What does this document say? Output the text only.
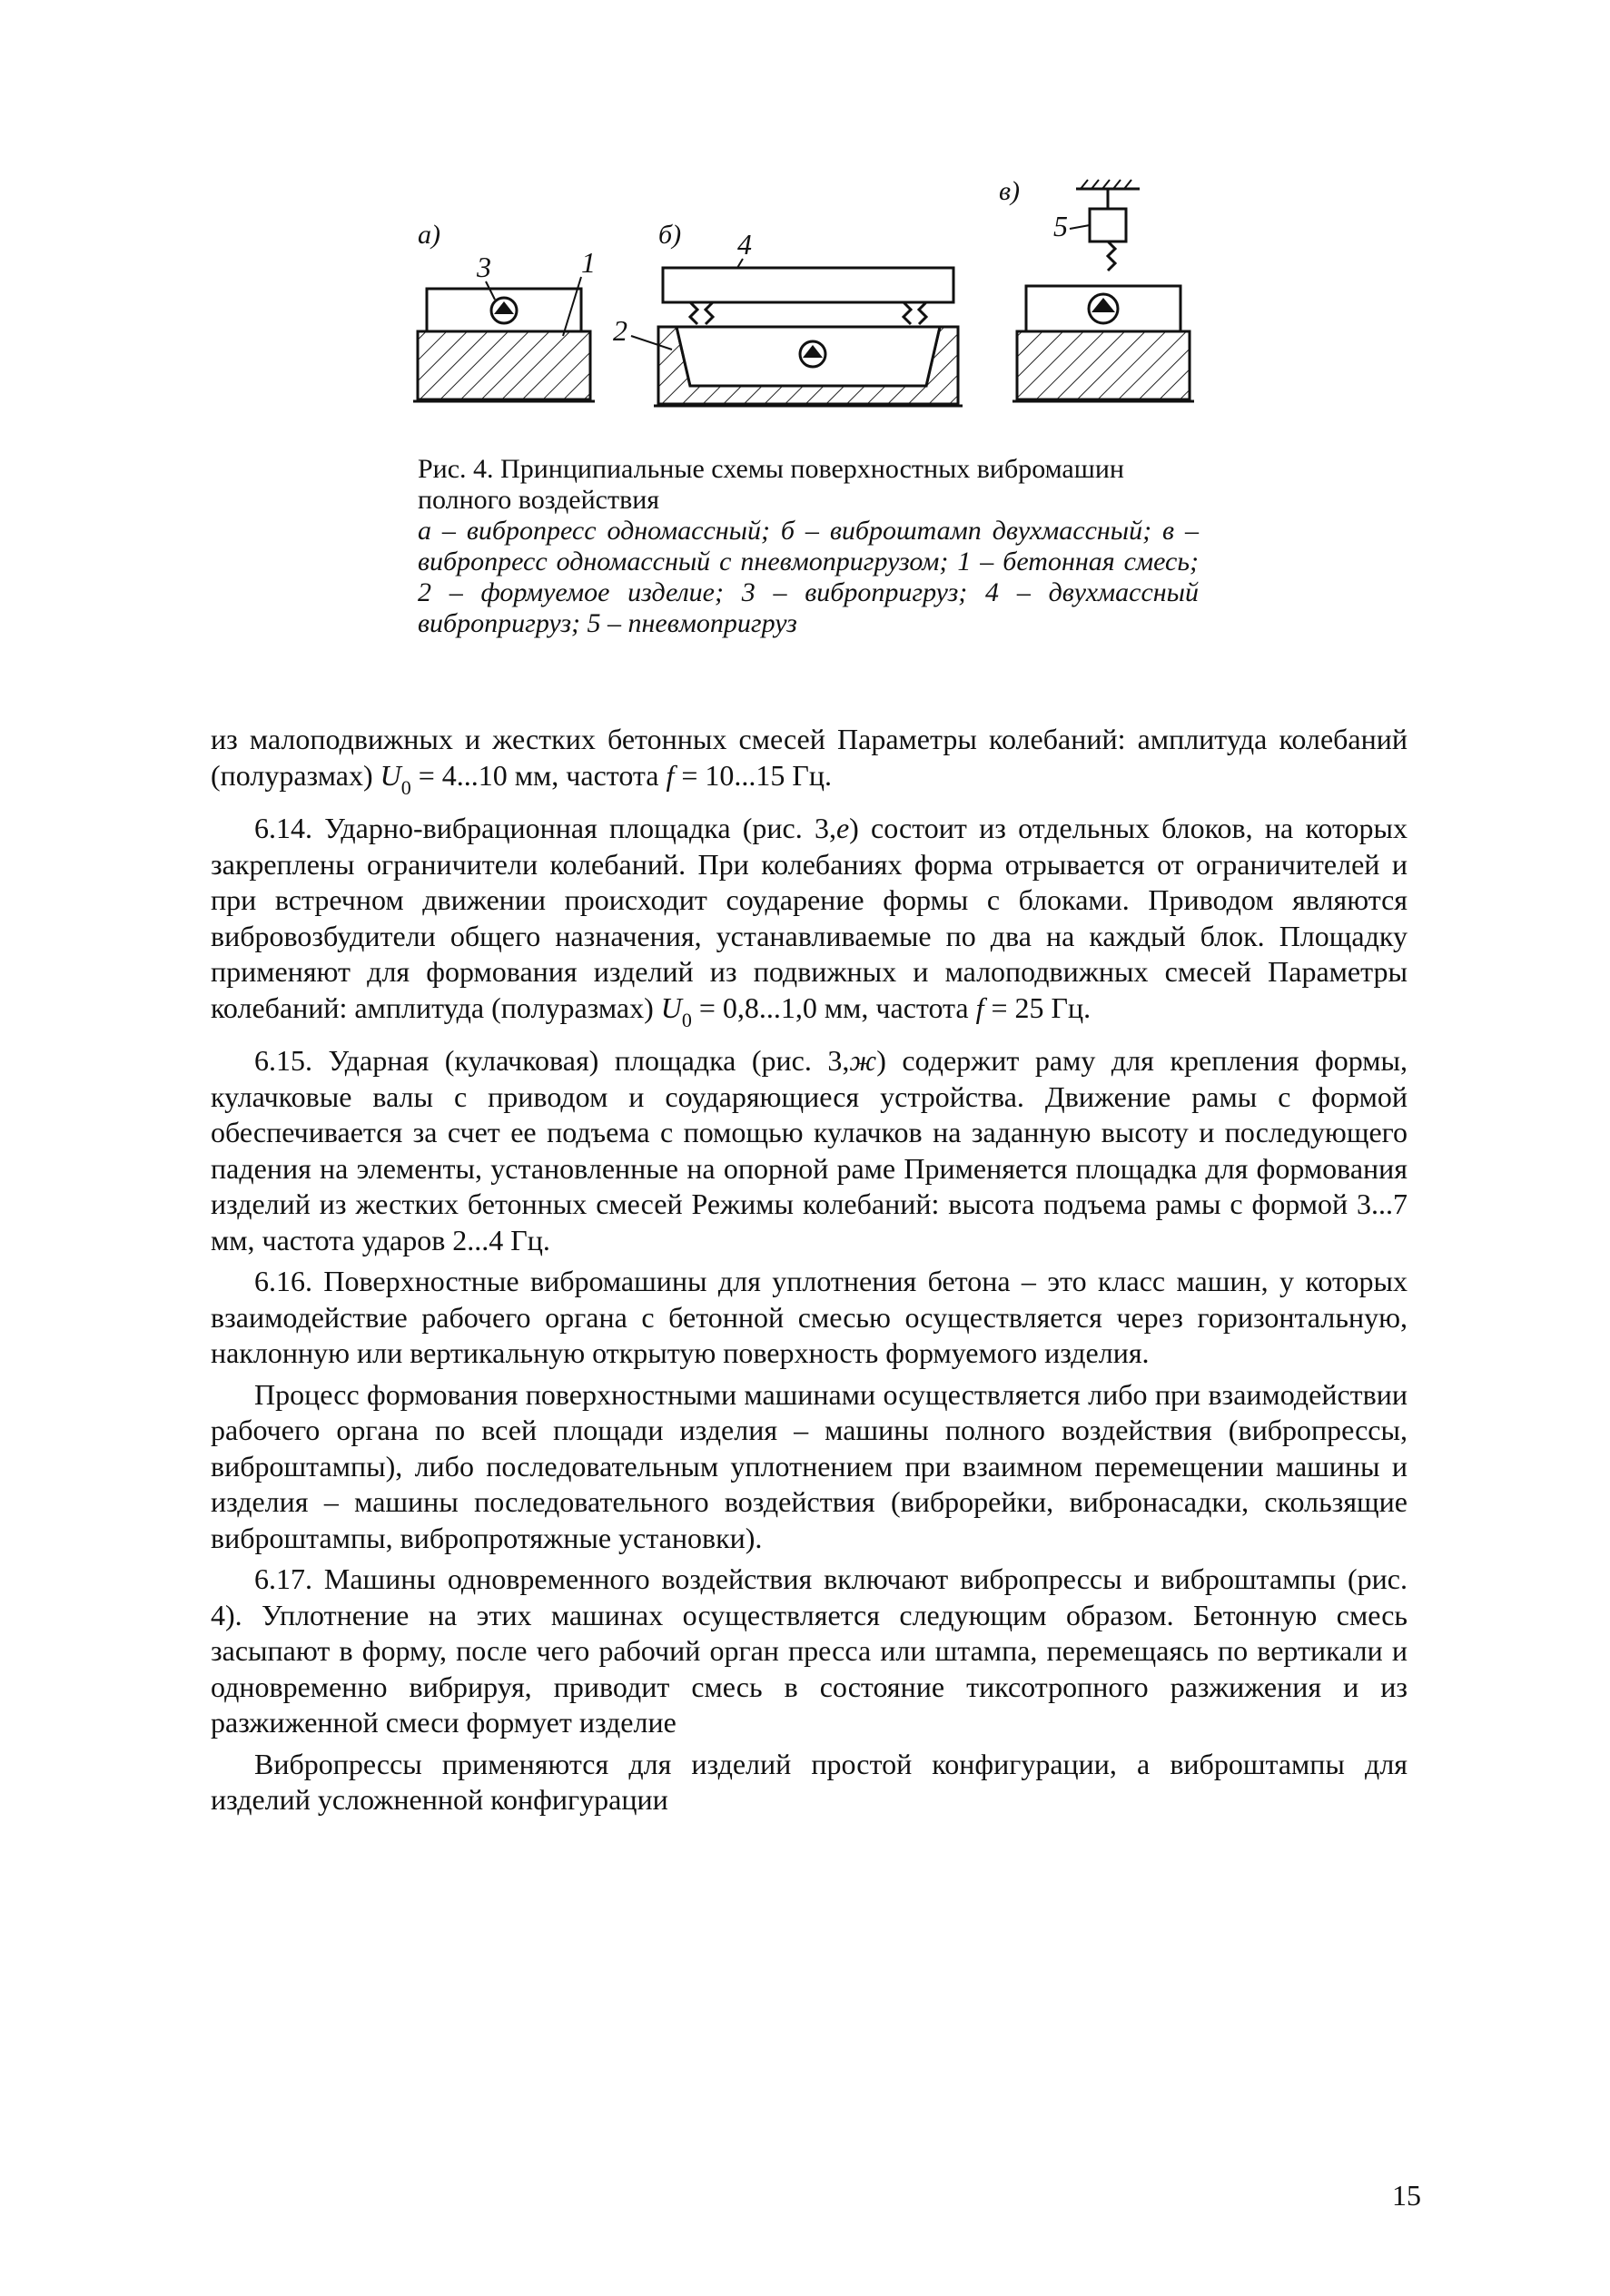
а)
3	1
б) 4
2
в)
5
Рис. 4. Принципиальные схемы поверхностных вибромашин полного воздействия
а – вибропресс одномассный; б – виброштамп двухмассный; в – вибропресс одномассный с пневмопригрузом; 1 – бетонная смесь; 2 – формуемое изделие; 3 – вибропригруз; 4 – двухмассный вибропригруз; 5 – пневмопригруз

из малоподвижных и жестких бетонных смесей Параметры колебаний: амплитуда колебаний (полуразмах) $U_0 = 4...10$ мм, частота f = 10...15 Гц.

6.14. Ударно-вибрационная площадка (рис. 3,е) состоит из отдельных блоков, на которых закреплены ограничители колебаний. При колебаниях форма отрывается от ограничителей и при встречном движении происходит соударение формы с блоками. Приводом являются вибровозбудители общего назначения, устанавливаемые по два на каждый блок. Площадку применяют для формования изделий из подвижных и малоподвижных смесей Параметры колебаний: амплитуда (полуразмах) $U_0 = 0,8...1,0$ мм, частота f = 25 Гц.

6.15. Ударная (кулачковая) площадка (рис. 3,ж) содержит раму для крепления формы, кулачковые валы с приводом и соударяющиеся устройства. Движение рамы с формой обеспечивается за счет ее подъема с помощью кулачков на заданную высоту и последующего падения на элементы, установленные на опорной раме Применяется площадка для формования изделий из жестких бетонных смесей Режимы колебаний: высота подъема рамы с формой 3...7 мм, частота ударов 2...4 Гц.

6.16. Поверхностные вибромашины для уплотнения бетона – это класс машин, у которых взаимодействие рабочего органа с бетонной смесью осуществляется через горизонтальную, наклонную или вертикальную открытую поверхность формуемого изделия.

Процесс формования поверхностными машинами осуществляется либо при взаимодействии рабочего органа по всей площади изделия – машины полного воздействия (вибропрессы, виброштампы), либо последовательным уплотнением при взаимном перемещении машины и изделия – машины последовательного воздействия (виброрейки, вибронасадки, скользящие виброштампы, вибропротяжные установки).

6.17. Машины одновременного воздействия включают вибропрессы и виброштампы (рис. 4). Уплотнение на этих машинах осуществляется следующим образом. Бетонную смесь засыпают в форму, после чего рабочий орган пресса или штампа, перемещаясь по вертикали и одновременно вибрируя, приводит смесь в состояние тиксотропного разжижения и из разжиженной смеси формует изделие

Вибропрессы применяются для изделий простой конфигурации, а виброштампы для изделий усложненной конфигурации

15
